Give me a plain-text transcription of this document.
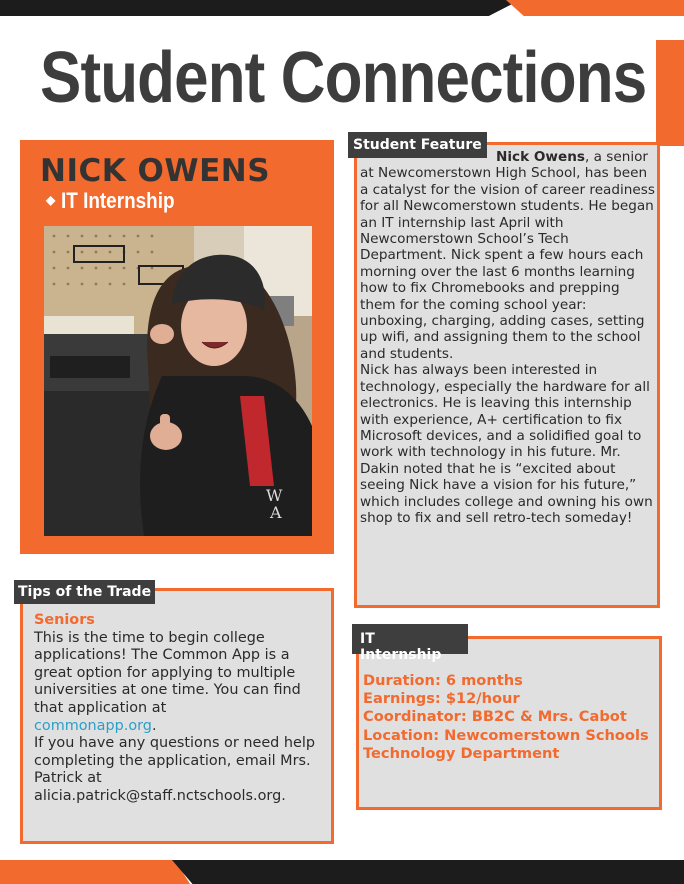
Student Connections
NICK OWENS
◆ IT Internship
W
A
Student Feature
Nick Owens, a senior at Newcomerstown High School, has been a catalyst for the vision of career readiness for all Newcomerstown students. He began an IT internship last April with Newcomerstown School’s Tech Department. Nick spent a few hours each morning over the last 6 months learning how to fix Chromebooks and prepping them for the coming school year: unboxing, charging, adding cases, setting up wifi, and assigning them to the school and students.
Nick has always been interested in technology, especially the hardware for all electronics. He is leaving this internship with experience, A+ certification to fix Microsoft devices, and a solidified goal to work with technology in his future. Mr. Dakin noted that he is “excited about seeing Nick have a vision for his future,” which includes college and owning his own shop to fix and sell retro-tech someday!
Tips of the Trade
Seniors
This is the time to begin college applications! The Common App is a great option for applying to multiple universities at one time. You can find that application at
commonapp.org.
If you have any questions or need help completing the application, email Mrs. Patrick at alicia.patrick@staff.nctschools.org.
IT Internship
Duration: 6 months
Earnings: $12/hour
Coordinator: BB2C & Mrs. Cabot
Location: Newcomerstown Schools
Technology Department
